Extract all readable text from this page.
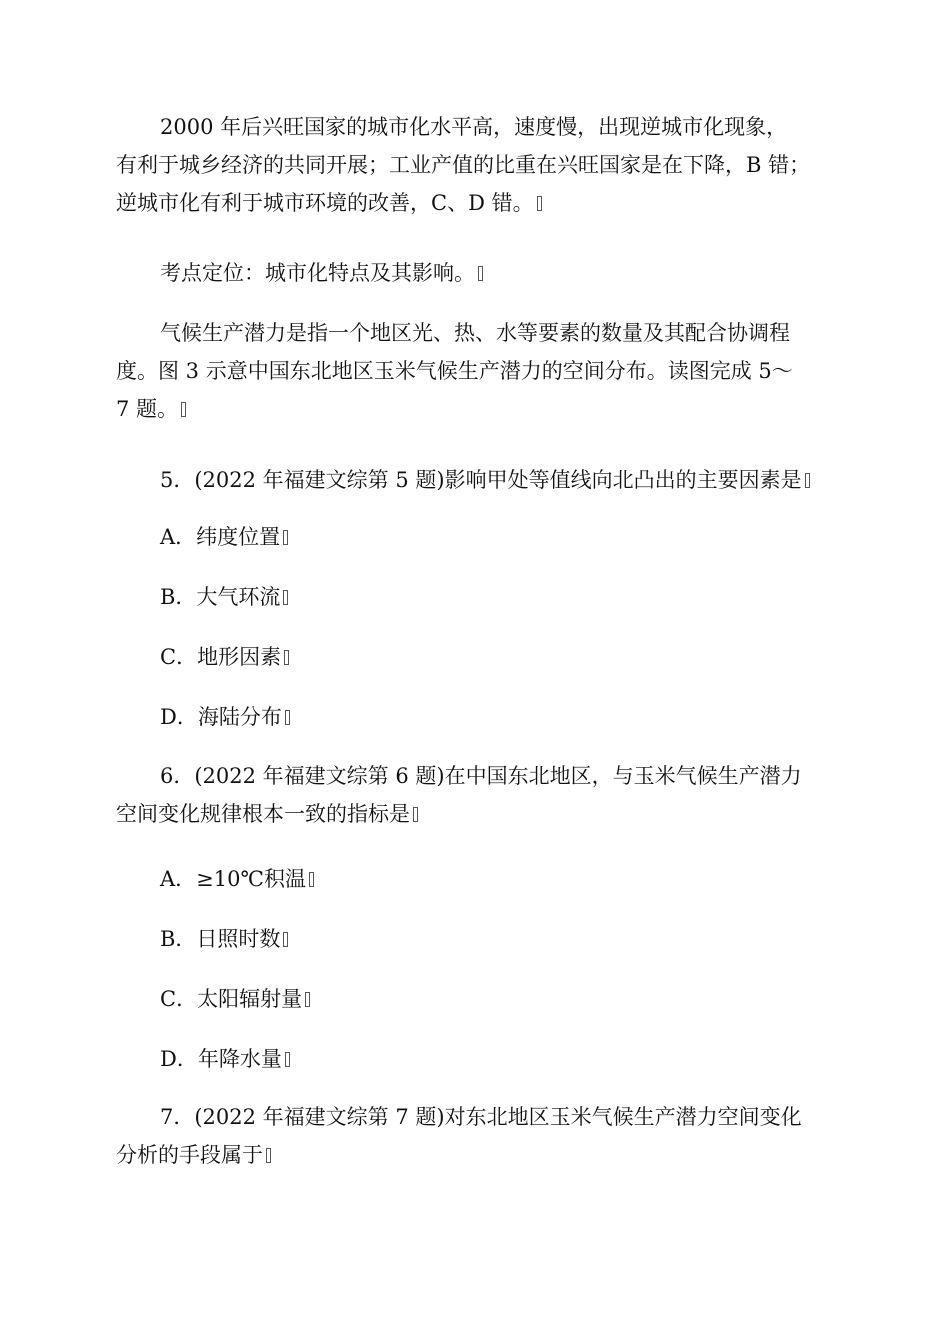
2000 年后兴旺国家的城市化水平高，速度慢，出现逆城市化现象，
有利于城乡经济的共同开展；工业产值的比重在兴旺国家是在下降，B 错；
逆城市化有利于城市环境的改善，C、D 错。
考点定位：城市化特点及其影响。
气候生产潜力是指一个地区光、热、水等要素的数量及其配合协调程
度。图 3 示意中国东北地区玉米气候生产潜力的空间分布。读图完成 5～
7 题。
5．(2022 年福建文综第 5 题)影响甲处等值线向北凸出的主要因素是
A．纬度位置
B．大气环流
C．地形因素
D．海陆分布
6．(2022 年福建文综第 6 题)在中国东北地区，与玉米气候生产潜力
空间变化规律根本一致的指标是
A．≥10℃积温
B．日照时数
C．太阳辐射量
D．年降水量
7．(2022 年福建文综第 7 题)对东北地区玉米气候生产潜力空间变化
分析的手段属于
